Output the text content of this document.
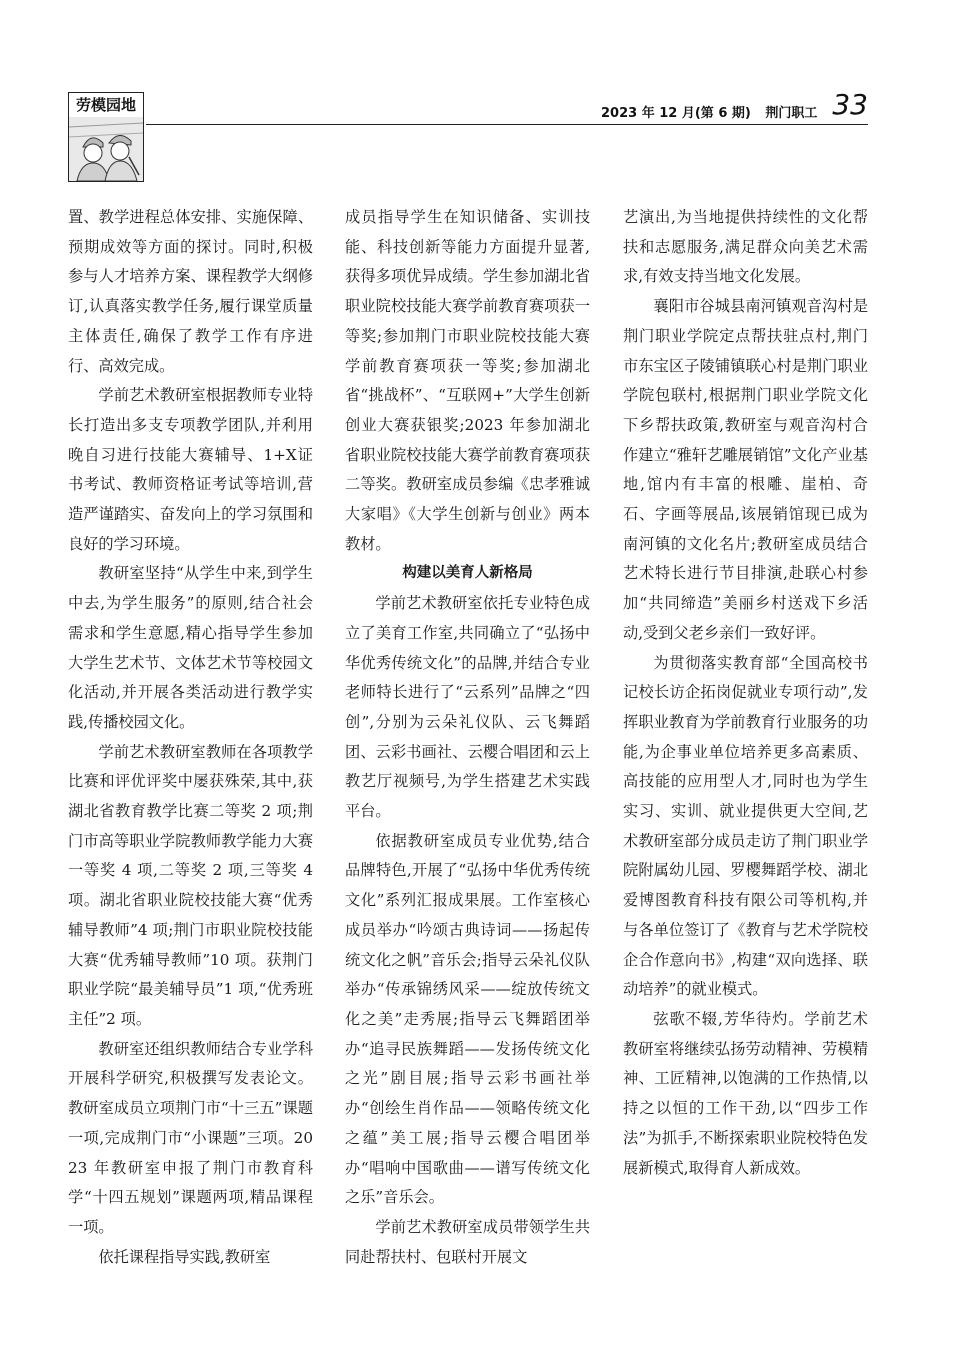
劳模园地	2023 年 12 月(第 6 期) 荆门职工 33

置、教学进程总体安排、实施保障、预期成效等方面的探讨。同时,积极参与人才培养方案、课程教学大纲修订,认真落实教学任务,履行课堂质量主体责任,确保了教学工作有序进行、高效完成。

学前艺术教研室根据教师专业特长打造出多支专项教学团队,并利用晚自习进行技能大赛辅导、1+X证书考试、教师资格证考试等培训,营造严谨踏实、奋发向上的学习氛围和良好的学习环境。

教研室坚持“从学生中来,到学生中去,为学生服务”的原则,结合社会需求和学生意愿,精心指导学生参加大学生艺术节、文体艺术节等校园文化活动,并开展各类活动进行教学实践,传播校园文化。

学前艺术教研室教师在各项教学比赛和评优评奖中屡获殊荣,其中,获湖北省教育教学比赛二等奖 2 项;荆门市高等职业学院教师教学能力大赛一等奖 4 项,二等奖 2 项,三等奖 4 项。湖北省职业院校技能大赛“优秀辅导教师”4 项;荆门市职业院校技能大赛“优秀辅导教师”10 项。获荆门职业学院“最美辅导员”1 项,“优秀班主任”2 项。

教研室还组织教师结合专业学科开展科学研究,积极撰写发表论文。教研室成员立项荆门市“十三五”课题一项,完成荆门市“小课题”三项。2023 年教研室申报了荆门市教育科学“十四五规划”课题两项,精品课程一项。

依托课程指导实践,教研室

成员指导学生在知识储备、实训技能、科技创新等能力方面提升显著,获得多项优异成绩。学生参加湖北省职业院校技能大赛学前教育赛项获一等奖;参加荆门市职业院校技能大赛学前教育赛项获一等奖;参加湖北省“挑战杯”、“互联网+”大学生创新创业大赛获银奖;2023 年参加湖北省职业院校技能大赛学前教育赛项获二等奖。教研室成员参编《忠孝雅诚大家唱》《大学生创新与创业》两本教材。

构建以美育人新格局

学前艺术教研室依托专业特色成立了美育工作室,共同确立了“弘扬中华优秀传统文化”的品牌,并结合专业老师特长进行了“云系列”品牌之“四创”,分别为云朵礼仪队、云飞舞蹈团、云彩书画社、云樱合唱团和云上教艺厅视频号,为学生搭建艺术实践平台。

依据教研室成员专业优势,结合品牌特色,开展了“弘扬中华优秀传统文化”系列汇报成果展。工作室核心成员举办“吟颂古典诗词——扬起传统文化之帆”音乐会;指导云朵礼仪队举办“传承锦绣风采——绽放传统文化之美”走秀展;指导云飞舞蹈团举办“追寻民族舞蹈——发扬传统文化之光”剧目展;指导云彩书画社举办“创绘生肖作品——领略传统文化之蕴”美工展;指导云樱合唱团举办“唱响中国歌曲——谱写传统文化之乐”音乐会。

学前艺术教研室成员带领学生共同赴帮扶村、包联村开展文

艺演出,为当地提供持续性的文化帮扶和志愿服务,满足群众向美艺术需求,有效支持当地文化发展。

襄阳市谷城县南河镇观音沟村是荆门职业学院定点帮扶驻点村,荆门市东宝区子陵铺镇联心村是荆门职业学院包联村,根据荆门职业学院文化下乡帮扶政策,教研室与观音沟村合作建立“雅轩艺雕展销馆”文化产业基地,馆内有丰富的根雕、崖柏、奇石、字画等展品,该展销馆现已成为南河镇的文化名片;教研室成员结合艺术特长进行节目排演,赴联心村参加“共同缔造”美丽乡村送戏下乡活动,受到父老乡亲们一致好评。

为贯彻落实教育部“全国高校书记校长访企拓岗促就业专项行动”,发挥职业教育为学前教育行业服务的功能,为企事业单位培养更多高素质、高技能的应用型人才,同时也为学生实习、实训、就业提供更大空间,艺术教研室部分成员走访了荆门职业学院附属幼儿园、罗樱舞蹈学校、湖北爱博图教育科技有限公司等机构,并与各单位签订了《教育与艺术学院校企合作意向书》,构建“双向选择、联动培养”的就业模式。

弦歌不辍,芳华待灼。学前艺术教研室将继续弘扬劳动精神、劳模精神、工匠精神,以饱满的工作热情,以持之以恒的工作干劲,以“四步工作法”为抓手,不断探索职业院校特色发展新模式,取得育人新成效。
